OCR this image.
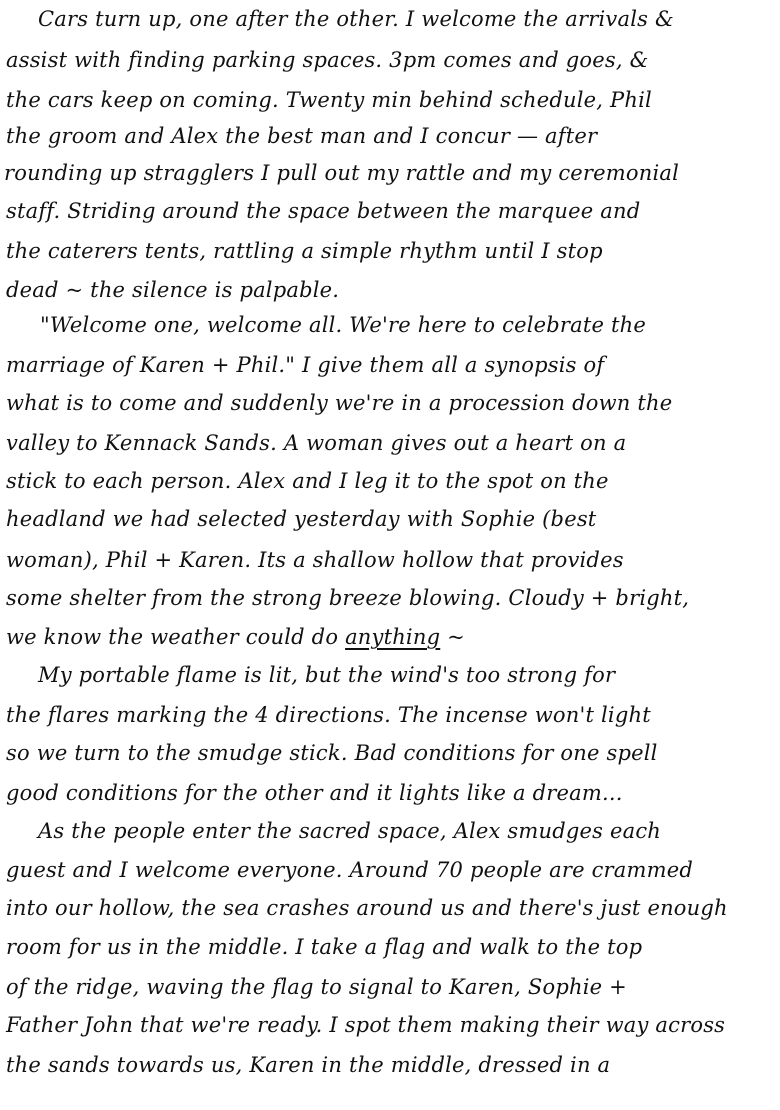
Cars turn up, one after the other. I welcome the arrivals &
assist with finding parking spaces. 3pm comes and goes, &
the cars keep on coming. Twenty min behind schedule, Phil
the groom and Alex the best man and I concur — after
rounding up stragglers I pull out my rattle and my ceremonial
staff. Striding around the space between the marquee and
the caterers tents, rattling a simple rhythm until I stop
dead ~ the silence is palpable.
"Welcome one, welcome all. We're here to celebrate the
marriage of Karen + Phil." I give them all a synopsis of
what is to come and suddenly we're in a procession down the
valley to Kennack Sands. A woman gives out a heart on a
stick to each person. Alex and I leg it to the spot on the
headland we had selected yesterday with Sophie (best
woman), Phil + Karen. Its a shallow hollow that provides
some shelter from the strong breeze blowing. Cloudy + bright,
we know the weather could do anything ~
My portable flame is lit, but the wind's too strong for
the flares marking the 4 directions. The incense won't light
so we turn to the smudge stick. Bad conditions for one spell
good conditions for the other and it lights like a dream...
As the people enter the sacred space, Alex smudges each
guest and I welcome everyone. Around 70 people are crammed
into our hollow, the sea crashes around us and there's just enough
room for us in the middle. I take a flag and walk to the top
of the ridge, waving the flag to signal to Karen, Sophie +
Father John that we're ready. I spot them making their way across
the sands towards us, Karen in the middle, dressed in a
